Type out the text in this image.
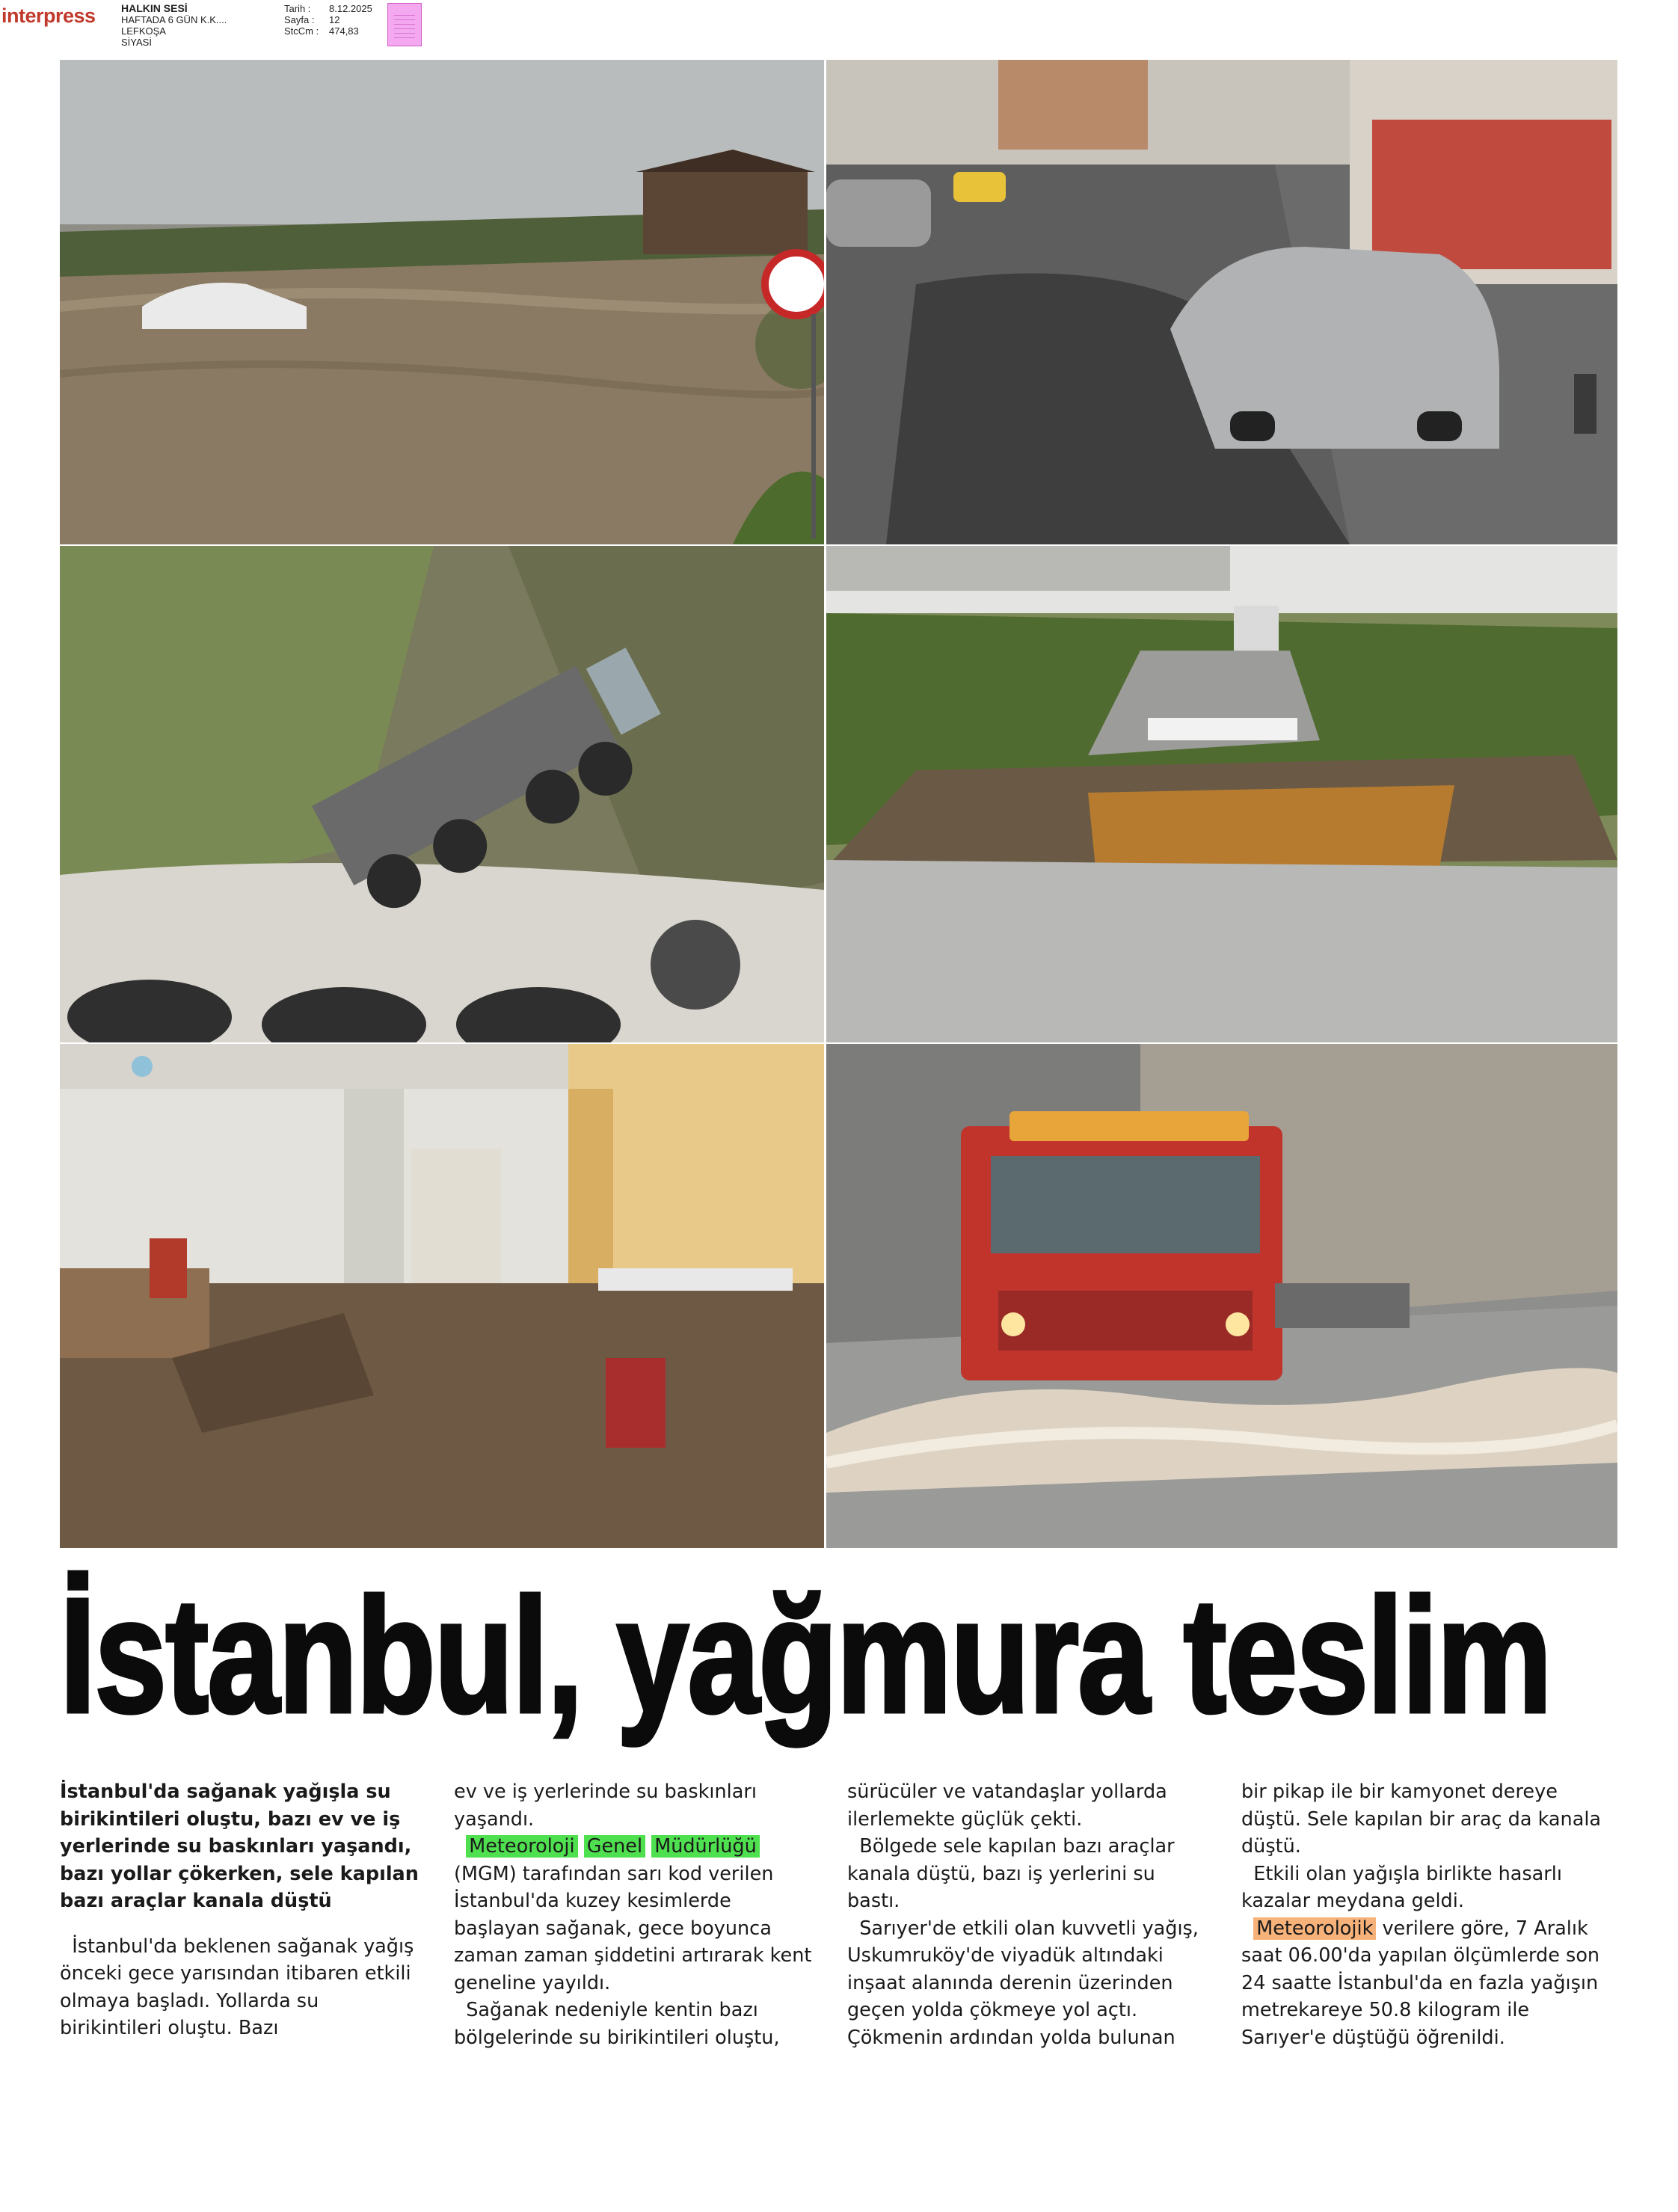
interpress HALKIN SESİ
HAFTADA 6 GÜN K.K....
LEFKOŞA
SİYASİ
Tarih :	8.12.2025
Sayfa :	12
StcCm :	474,83
İstanbul, yağmura teslim

İstanbul'da sağanak yağışla su birikintileri oluştu, bazı ev ve iş yerlerinde su baskınları yaşandı, bazı yollar çökerken, sele kapılan bazı araçlar kanala düştü

İstanbul'da beklenen sağanak yağış önceki gece yarısından itibaren etkili olmaya başladı. Yollarda su birikintileri oluştu. Bazı

ev ve iş yerlerinde su baskınları yaşandı.

Meteoroloji Genel Müdürlüğü (MGM) tarafından sarı kod verilen İstanbul'da kuzey kesimlerde başlayan sağanak, gece boyunca zaman zaman şiddetini artırarak kent geneline yayıldı.

Sağanak nedeniyle kentin bazı bölgelerinde su birikintileri oluştu,

sürücüler ve vatandaşlar yollarda ilerlemekte güçlük çekti.

Bölgede sele kapılan bazı araçlar kanala düştü, bazı iş yerlerini su bastı.

Sarıyer'de etkili olan kuvvetli yağış, Uskumruköy'de viyadük altındaki inşaat alanında derenin üzerinden geçen yolda çökmeye yol açtı. Çökmenin ardından yolda bulunan

bir pikap ile bir kamyonet dereye düştü. Sele kapılan bir araç da kanala düştü.

Etkili olan yağışla birlikte hasarlı kazalar meydana geldi.

Meteorolojik verilere göre, 7 Aralık saat 06.00'da yapılan ölçümlerde son 24 saatte İstanbul'da en fazla yağışın metrekareye 50.8 kilogram ile Sarıyer'e düştüğü öğrenildi.
